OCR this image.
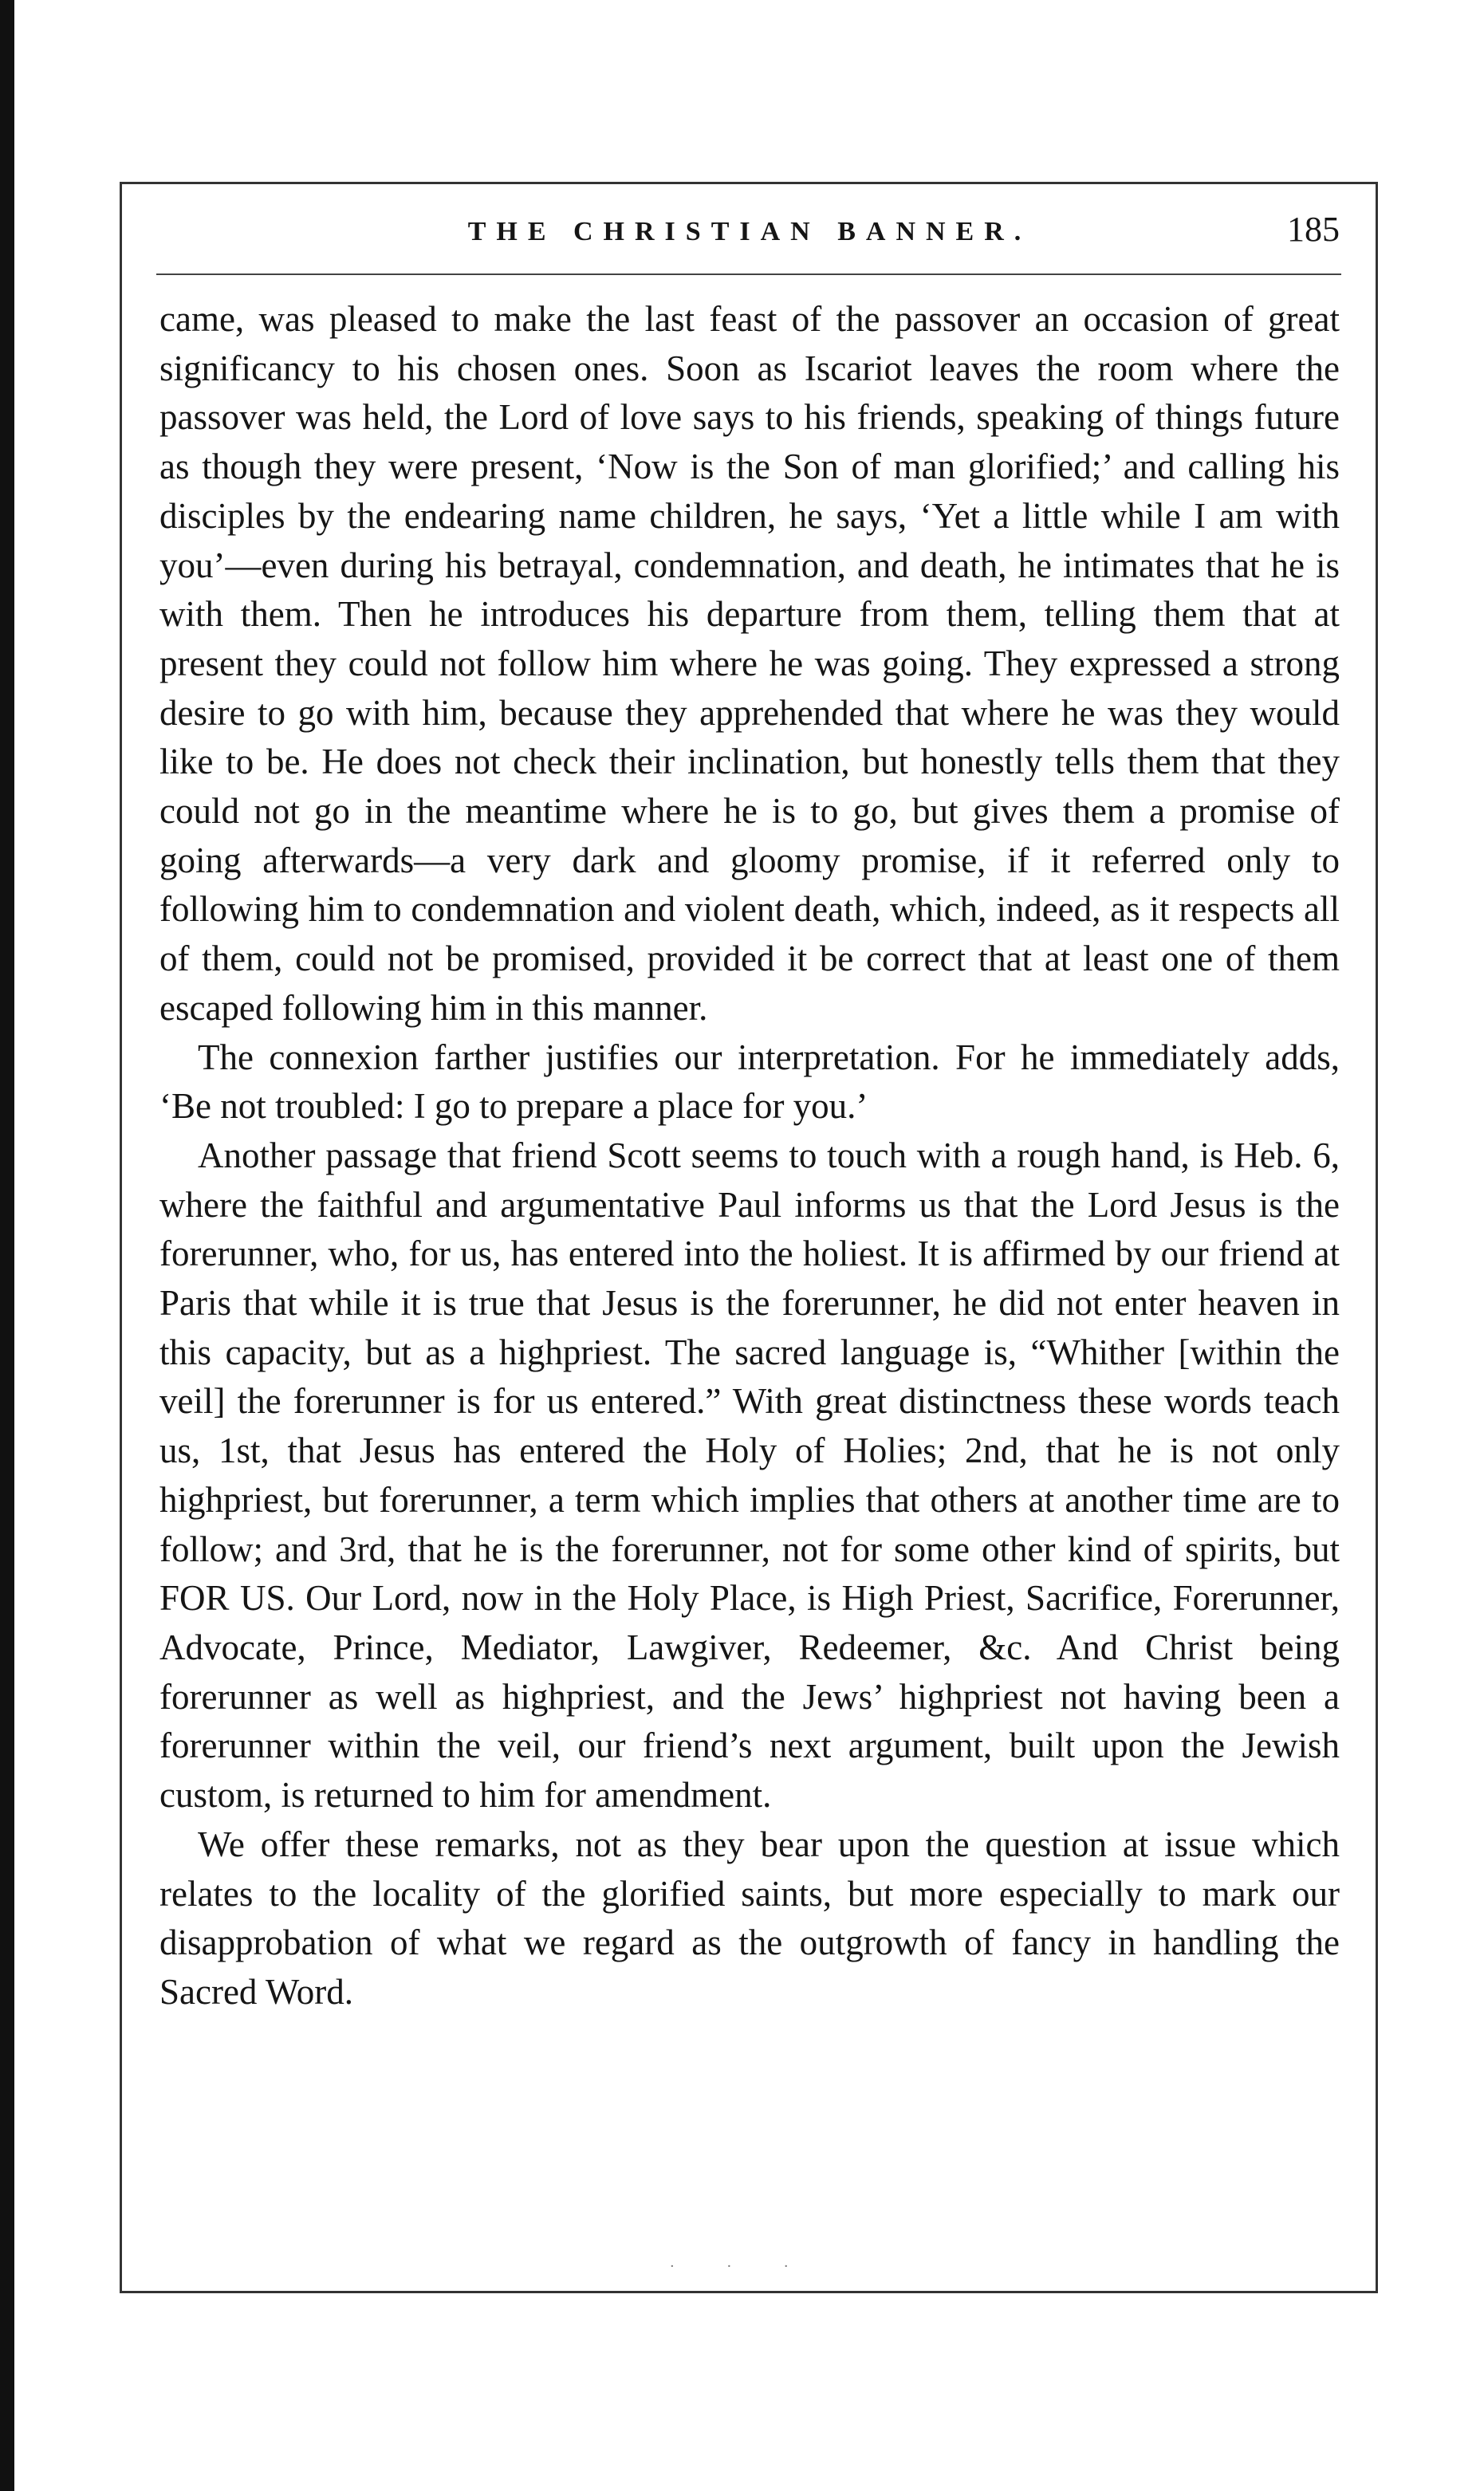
THE CHRISTIAN BANNER.	185

came, was pleased to make the last feast of the passover an occasion of great significancy to his chosen ones. Soon as Iscariot leaves the room where the passover was held, the Lord of love says to his friends, speaking of things future as though they were present, ‘Now is the Son of man glorified;’ and calling his disciples by the endearing name children, he says, ‘Yet a little while I am with you’—even during his betrayal, condemnation, and death, he intimates that he is with them. Then he introduces his departure from them, telling them that at present they could not follow him where he was going. They expressed a strong desire to go with him, because they apprehended that where he was they would like to be. He does not check their inclination, but honestly tells them that they could not go in the meantime where he is to go, but gives them a promise of going afterwards—a very dark and gloomy promise, if it referred only to following him to condemnation and violent death, which, indeed, as it respects all of them, could not be promised, provided it be correct that at least one of them escaped following him in this manner.

The connexion farther justifies our interpretation. For he immediately adds, ‘Be not troubled: I go to prepare a place for you.’

Another passage that friend Scott seems to touch with a rough hand, is Heb. 6, where the faithful and argumentative Paul informs us that the Lord Jesus is the forerunner, who, for us, has entered into the holiest. It is affirmed by our friend at Paris that while it is true that Jesus is the forerunner, he did not enter heaven in this capacity, but as a highpriest. The sacred language is, “Whither [within the veil] the forerunner is for us entered.” With great distinctness these words teach us, 1st, that Jesus has entered the Holy of Holies; 2nd, that he is not only highpriest, but forerunner, a term which implies that others at another time are to follow; and 3rd, that he is the forerunner, not for some other kind of spirits, but FOR US. Our Lord, now in the Holy Place, is High Priest, Sacrifice, Forerunner, Advocate, Prince, Mediator, Lawgiver, Redeemer, &c. And Christ being forerunner as well as highpriest, and the Jews’ highpriest not having been a forerunner within the veil, our friend’s next argument, built upon the Jewish custom, is returned to him for amendment.

We offer these remarks, not as they bear upon the question at issue which relates to the locality of the glorified saints, but more especially to mark our disapprobation of what we regard as the outgrowth of fancy in handling the Sacred Word.

· · ·
